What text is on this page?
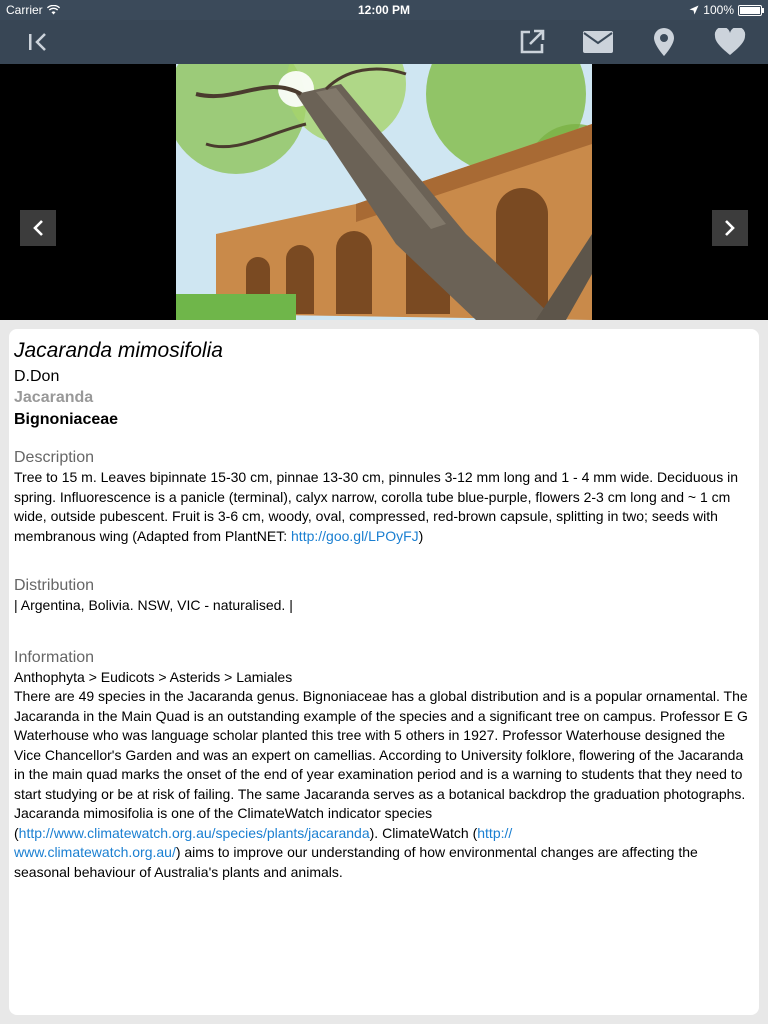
Carrier	12:00 PM	100%
Jacaranda mimosifolia
D.Don
Jacaranda
Bignoniaceae
Description

Tree to 15 m. Leaves bipinnate 15-30 cm, pinnae 13-30 cm, pinnules 3-12 mm long and 1 - 4 mm wide. Deciduous in spring. Influorescence is a panicle (terminal), calyx narrow, corolla tube blue-purple, flowers 2-3 cm long and ~ 1 cm wide, outside pubescent. Fruit is 3-6 cm, woody, oval, compressed, red-brown capsule, splitting in two; seeds with membranous wing (Adapted from PlantNET: http://goo.gl/LPOyFJ)

Distribution

| Argentina, Bolivia. NSW, VIC - naturalised. |

Information

Anthophyta > Eudicots > Asterids > Lamiales

There are 49 species in the Jacaranda genus. Bignoniaceae has a global distribution and is a popular ornamental. The Jacaranda in the Main Quad is an outstanding example of the species and a significant tree on campus. Professor E G Waterhouse who was language scholar planted this tree with 5 others in 1927. Professor Waterhouse designed the Vice Chancellor's Garden and was an expert on camellias. According to University folklore, flowering of the Jacaranda in the main quad marks the onset of the end of year examination period and is a warning to students that they need to start studying or be at risk of failing. The same Jacaranda serves as a botanical backdrop the graduation photographs. Jacaranda mimosifolia is one of the ClimateWatch indicator species (http://www.climatewatch.org.au/species/plants/jacaranda). ClimateWatch (http://
www.climatewatch.org.au/) aims to improve our understanding of how environmental changes are affecting the seasonal behaviour of Australia's plants and animals.
